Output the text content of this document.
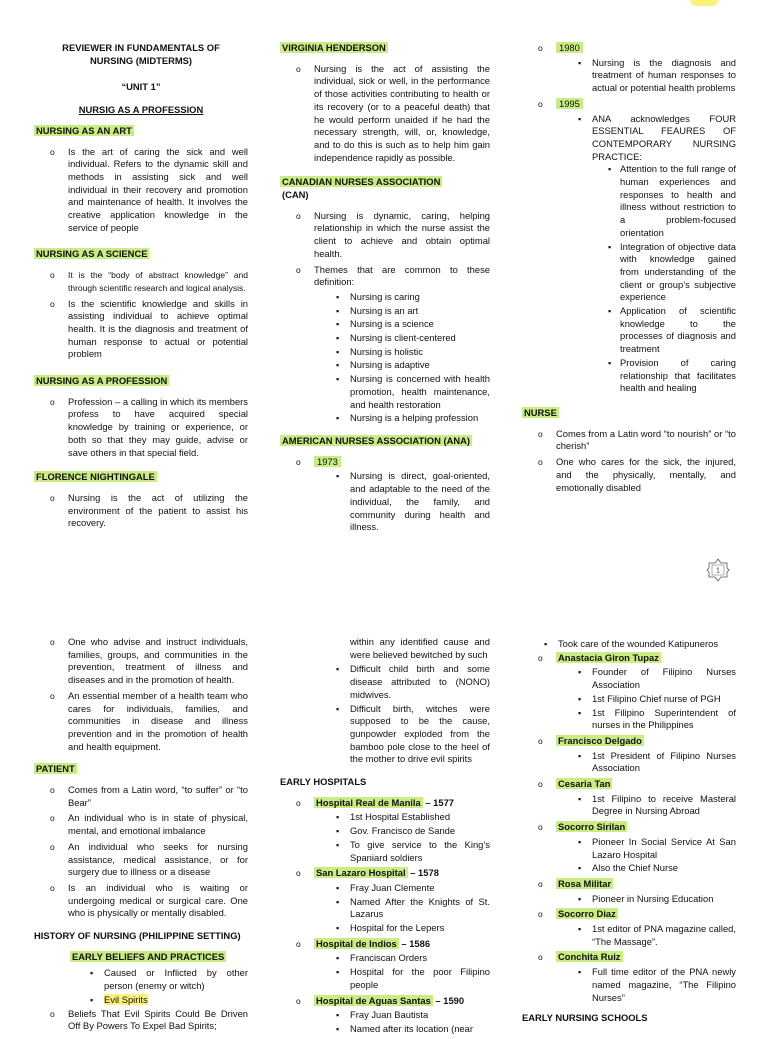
REVIEWER IN FUNDAMENTALS OF
NURSING (MIDTERMS)
“UNIT 1”
NURSIG AS A PROFESSION
NURSING AS AN ART
o Is the art of caring the sick and well individual. Refers to the dynamic skill and methods in assisting sick and well individual in their recovery and promotion and maintenance of health. It involves the creative application knowledge in the service of people
NURSING AS A SCIENCE
o It is the “body of abstract knowledge” and through scientific research and logical analysis.
o Is the scientific knowledge and skills in assisting individual to achieve optimal health. It is the diagnosis and treatment of human response to actual or potential problem
NURSING AS A PROFESSION
o Profession – a calling in which its members profess to have acquired special knowledge by training or experience, or both so that they may guide, advise or save others in that special field.
FLORENCE NIGHTINGALE
o Nursing is the act of utilizing the environment of the patient to assist his recovery.
VIRGINIA HENDERSON
o Nursing is the act of assisting the individual, sick or well, in the performance of those activities contributing to health or its recovery (or to a peaceful death) that he would perform unaided if he had the necessary strength, will, or, knowledge, and to do this is such as to help him gain independence rapidly as possible.
CANADIAN NURSES ASSOCIATION
(CAN)
o Nursing is dynamic, caring, helping relationship in which the nurse assist the client to achieve and obtain optimal health.
o Themes that are common to these definition:
▪ Nursing is caring
▪ Nursing is an art
▪ Nursing is a science
▪ Nursing is client-centered
▪ Nursing is holistic
▪ Nursing is adaptive
▪ Nursing is concerned with health promotion, health maintenance, and health restoration
▪ Nursing is a helping profession
AMERICAN NURSES ASSOCIATION (ANA)
o 1973
▪ Nursing is direct, goal-oriented, and adaptable to the need of the individual, the family, and community during health and illness.
o 1980
▪ Nursing is the diagnosis and treatment of human responses to actual or potential health problems
o 1995
▪ ANA acknowledges FOUR ESSENTIAL FEAURES OF CONTEMPORARY NURSING PRACTICE:
▪ Attention to the full range of human experiences and responses to health and illness without restriction to a problem-focused orientation
▪ Integration of objective data with knowledge gained from understanding of the client or group’s subjective experience
▪ Application of scientific knowledge to the processes of diagnosis and treatment
▪ Provision of caring relationship that facilitates health and healing
NURSE
o Comes from a Latin word “to nourish” or “to cherish”
o One who cares for the sick, the injured, and the physically, mentally, and emotionally disabled
1
o One who advise and instruct individuals, families, groups, and communities in the prevention, treatment of illness and diseases and in the promotion of health.
o An essential member of a health team who cares for individuals, families, and communities in disease and illness prevention and in the promotion of health and health equipment.
PATIENT
o Comes from a Latin word, “to suffer” or “to Bear”
o An individual who is in state of physical, mental, and emotional imbalance
o An individual who seeks for nursing assistance, medical assistance, or for surgery due to illness or a disease
o Is an individual who is waiting or undergoing medical or surgical care. One who is physically or mentally disabled.
HISTORY OF NURSING (PHILIPPINE SETTING)
EARLY BELIEFS AND PRACTICES
▪ Caused or Inflicted by other person (enemy or witch)
▪ Evil Spirits
o Beliefs That Evil Spirits Could Be Driven Off By Powers To Expel Bad Spirits;
within any identified cause and were believed bewitched by such
▪ Difficult child birth and some disease attributed to (NONO) midwives.
▪ Difficult birth, witches were supposed to be the cause, gunpowder exploded from the bamboo pole close to the heel of the mother to drive evil spirits
EARLY HOSPITALS
o Hospital Real de Manila – 1577
▪ 1st Hospital Established
▪ Gov. Francisco de Sande
▪ To give service to the King’s Spaniard soldiers
o San Lazaro Hospital – 1578
▪ Fray Juan Clemente
▪ Named After the Knights of St. Lazarus
▪ Hospital for the Lepers
o Hospital de Indios – 1586
▪ Franciscan Orders
▪ Hospital for the poor Filipino people
o Hospital de Aguas Santas – 1590
▪ Fray Juan Bautista
▪ Named after its location (near
▪ Took care of the wounded Katipuneros
o Anastacia Giron Tupaz
▪ Founder of Filipino Nurses Association
▪ 1st Filipino Chief nurse of PGH
▪ 1st Filipino Superintendent of nurses in the Philippines
o Francisco Delgado
▪ 1st President of Filipino Nurses Association
o Cesaria Tan
▪ 1st Filipino to receive Masteral Degree in Nursing Abroad
o Socorro Sirilan
▪ Pioneer In Social Service At San Lazaro Hospital
▪ Also the Chief Nurse
o Rosa Militar
▪ Pioneer in Nursing Education
o Socorro Diaz
▪ 1st editor of PNA magazine called, “The Massage”.
o Conchita Ruiz
▪ Full time editor of the PNA newly named magazine, “The Filipino Nurses”
EARLY NURSING SCHOOLS
